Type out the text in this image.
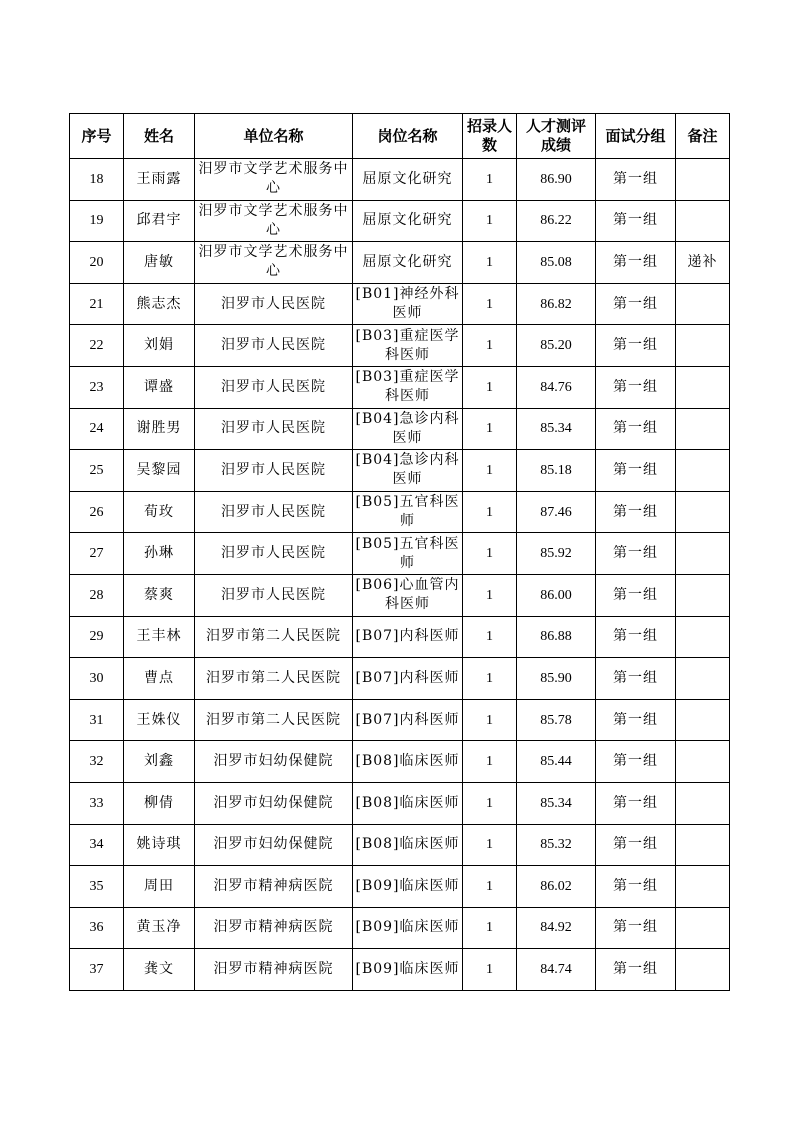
序号	姓名	单位名称	岗位名称	招录人数	人才测评成绩	面试分组	备注
18	王雨露	汨罗市文学艺术服务中心	屈原文化研究	1	86.90	第一组	
19	邱君宇	汨罗市文学艺术服务中心	屈原文化研究	1	86.22	第一组	
20	唐敏	汨罗市文学艺术服务中心	屈原文化研究	1	85.08	第一组	递补
21	熊志杰	汨罗市人民医院	[B01]神经外科医师	1	86.82	第一组	
22	刘娟	汨罗市人民医院	[B03]重症医学科医师	1	85.20	第一组	
23	谭盛	汨罗市人民医院	[B03]重症医学科医师	1	84.76	第一组	
24	谢胜男	汨罗市人民医院	[B04]急诊内科医师	1	85.34	第一组	
25	吴黎园	汨罗市人民医院	[B04]急诊内科医师	1	85.18	第一组	
26	荀玫	汨罗市人民医院	[B05]五官科医师	1	87.46	第一组	
27	孙琳	汨罗市人民医院	[B05]五官科医师	1	85.92	第一组	
28	蔡爽	汨罗市人民医院	[B06]心血管内科医师	1	86.00	第一组	
29	王丰林	汨罗市第二人民医院	[B07]内科医师	1	86.88	第一组	
30	曹点	汨罗市第二人民医院	[B07]内科医师	1	85.90	第一组	
31	王姝仪	汨罗市第二人民医院	[B07]内科医师	1	85.78	第一组	
32	刘鑫	汨罗市妇幼保健院	[B08]临床医师	1	85.44	第一组	
33	柳倩	汨罗市妇幼保健院	[B08]临床医师	1	85.34	第一组	
34	姚诗琪	汨罗市妇幼保健院	[B08]临床医师	1	85.32	第一组	
35	周田	汨罗市精神病医院	[B09]临床医师	1	86.02	第一组	
36	黄玉净	汨罗市精神病医院	[B09]临床医师	1	84.92	第一组	
37	龚文	汨罗市精神病医院	[B09]临床医师	1	84.74	第一组	
